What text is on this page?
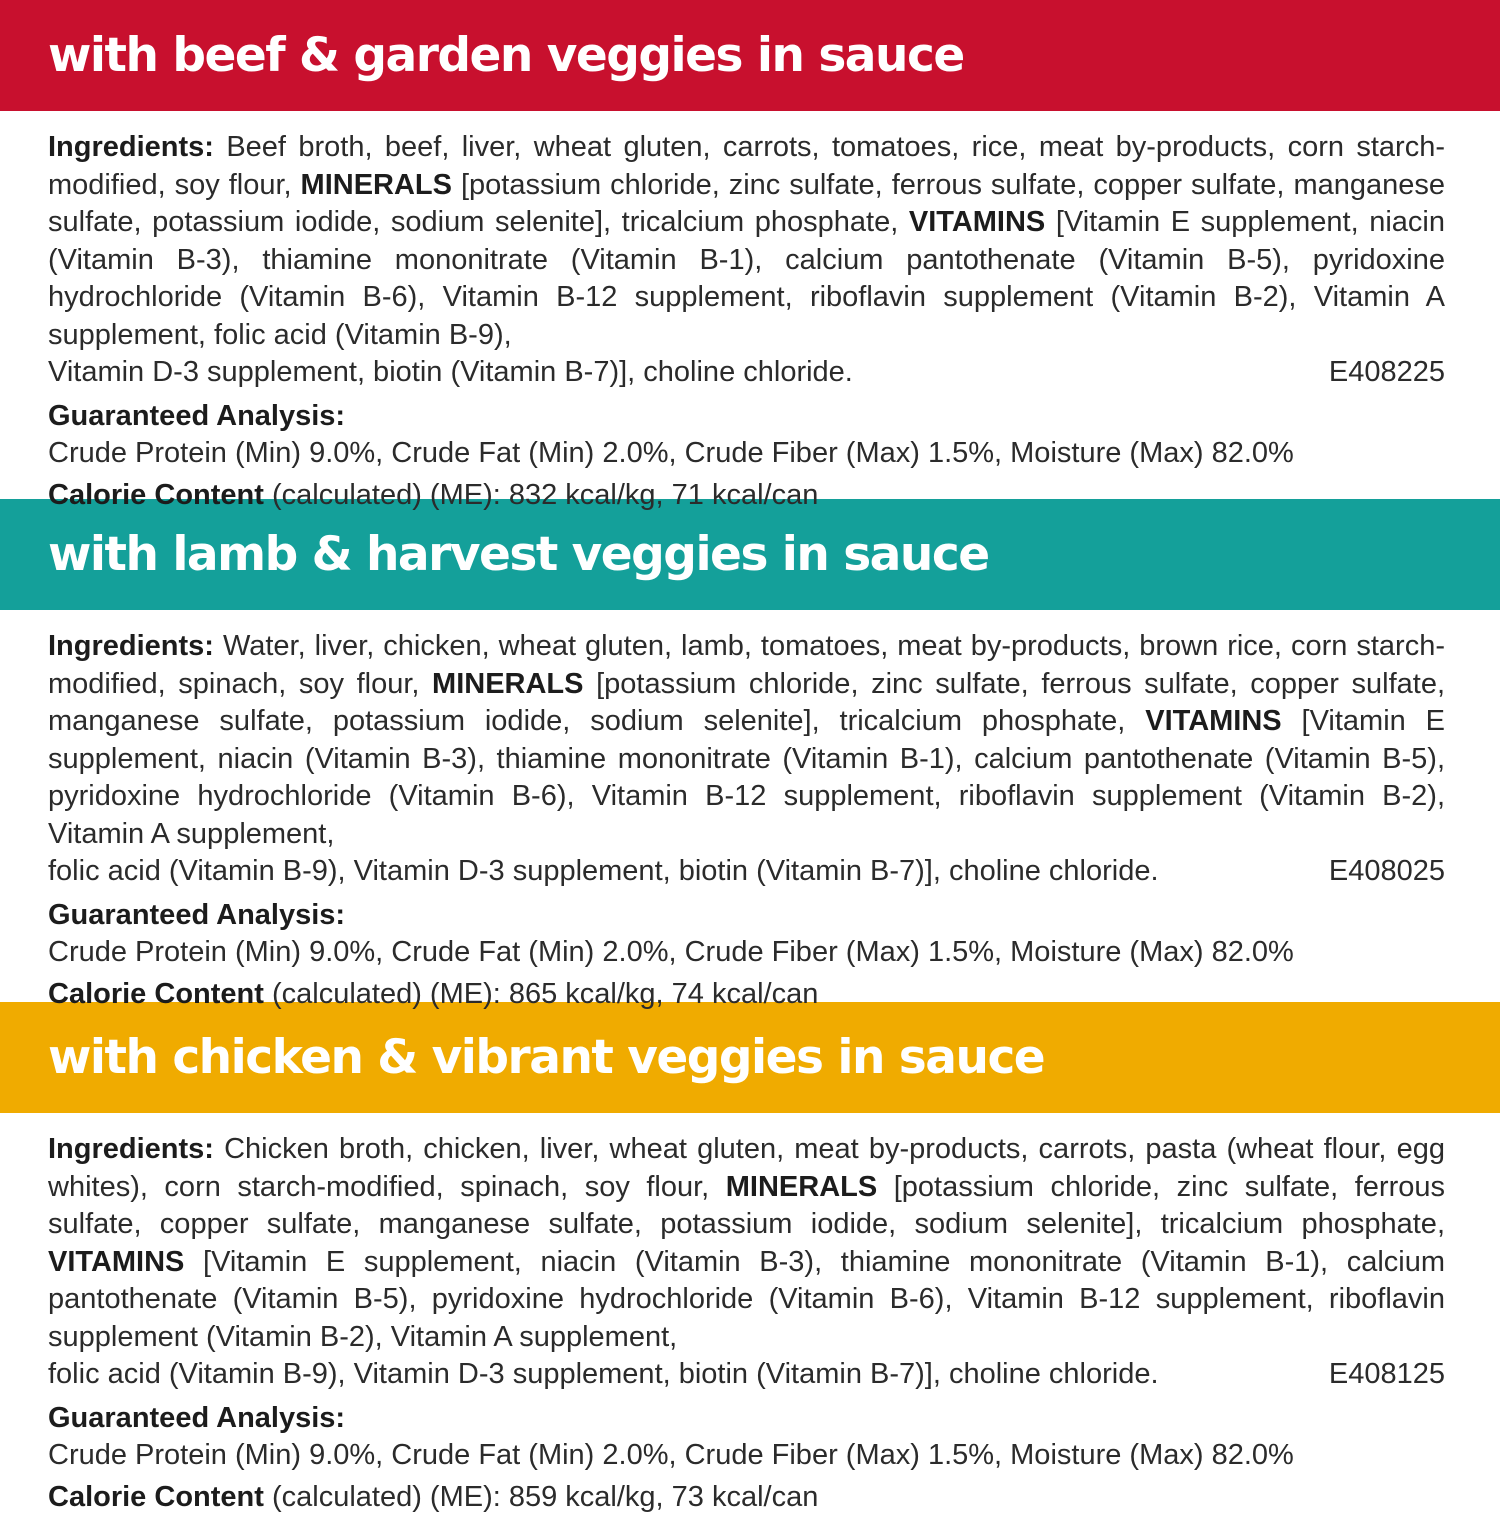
with beef & garden veggies in sauce

Ingredients: Beef broth, beef, liver, wheat gluten, carrots, tomatoes, rice, meat by-products, corn starch-modified, soy flour, MINERALS [potassium chloride, zinc sulfate, ferrous sulfate, copper sulfate, manganese sulfate, potassium iodide, sodium selenite], tricalcium phosphate, VITAMINS [Vitamin E supplement, niacin (Vitamin B-3), thiamine mononitrate (Vitamin B-1), calcium pantothenate (Vitamin B-5), pyridoxine hydrochloride (Vitamin B-6), Vitamin B-12 supplement, riboflavin supplement (Vitamin B-2), Vitamin A supplement, folic acid (Vitamin B-9),

Vitamin D-3 supplement, biotin (Vitamin B-7)], choline chloride.	E408225
Guaranteed Analysis:
Crude Protein (Min) 9.0%, Crude Fat (Min) 2.0%, Crude Fiber (Max) 1.5%, Moisture (Max) 82.0%
Calorie Content (calculated) (ME): 832 kcal/kg, 71 kcal/can
with lamb & harvest veggies in sauce

Ingredients: Water, liver, chicken, wheat gluten, lamb, tomatoes, meat by-products, brown rice, corn starch-modified, spinach, soy flour, MINERALS [potassium chloride, zinc sulfate, ferrous sulfate, copper sulfate, manganese sulfate, potassium iodide, sodium selenite], tricalcium phosphate, VITAMINS [Vitamin E supplement, niacin (Vitamin B-3), thiamine mononitrate (Vitamin B-1), calcium pantothenate (Vitamin B-5), pyridoxine hydrochloride (Vitamin B-6), Vitamin B-12 supplement, riboflavin supplement (Vitamin B-2), Vitamin A supplement,

folic acid (Vitamin B-9), Vitamin D-3 supplement, biotin (Vitamin B-7)], choline chloride.	E408025
Guaranteed Analysis:
Crude Protein (Min) 9.0%, Crude Fat (Min) 2.0%, Crude Fiber (Max) 1.5%, Moisture (Max) 82.0%
Calorie Content (calculated) (ME): 865 kcal/kg, 74 kcal/can
with chicken & vibrant veggies in sauce

Ingredients: Chicken broth, chicken, liver, wheat gluten, meat by-products, carrots, pasta (wheat flour, egg whites), corn starch-modified, spinach, soy flour, MINERALS [potassium chloride, zinc sulfate, ferrous sulfate, copper sulfate, manganese sulfate, potassium iodide, sodium selenite], tricalcium phosphate, VITAMINS [Vitamin E supplement, niacin (Vitamin B-3), thiamine mononitrate (Vitamin B-1), calcium pantothenate (Vitamin B-5), pyridoxine hydrochloride (Vitamin B-6), Vitamin B-12 supplement, riboflavin supplement (Vitamin B-2), Vitamin A supplement,

folic acid (Vitamin B-9), Vitamin D-3 supplement, biotin (Vitamin B-7)], choline chloride.	E408125
Guaranteed Analysis:
Crude Protein (Min) 9.0%, Crude Fat (Min) 2.0%, Crude Fiber (Max) 1.5%, Moisture (Max) 82.0%
Calorie Content (calculated) (ME): 859 kcal/kg, 73 kcal/can
